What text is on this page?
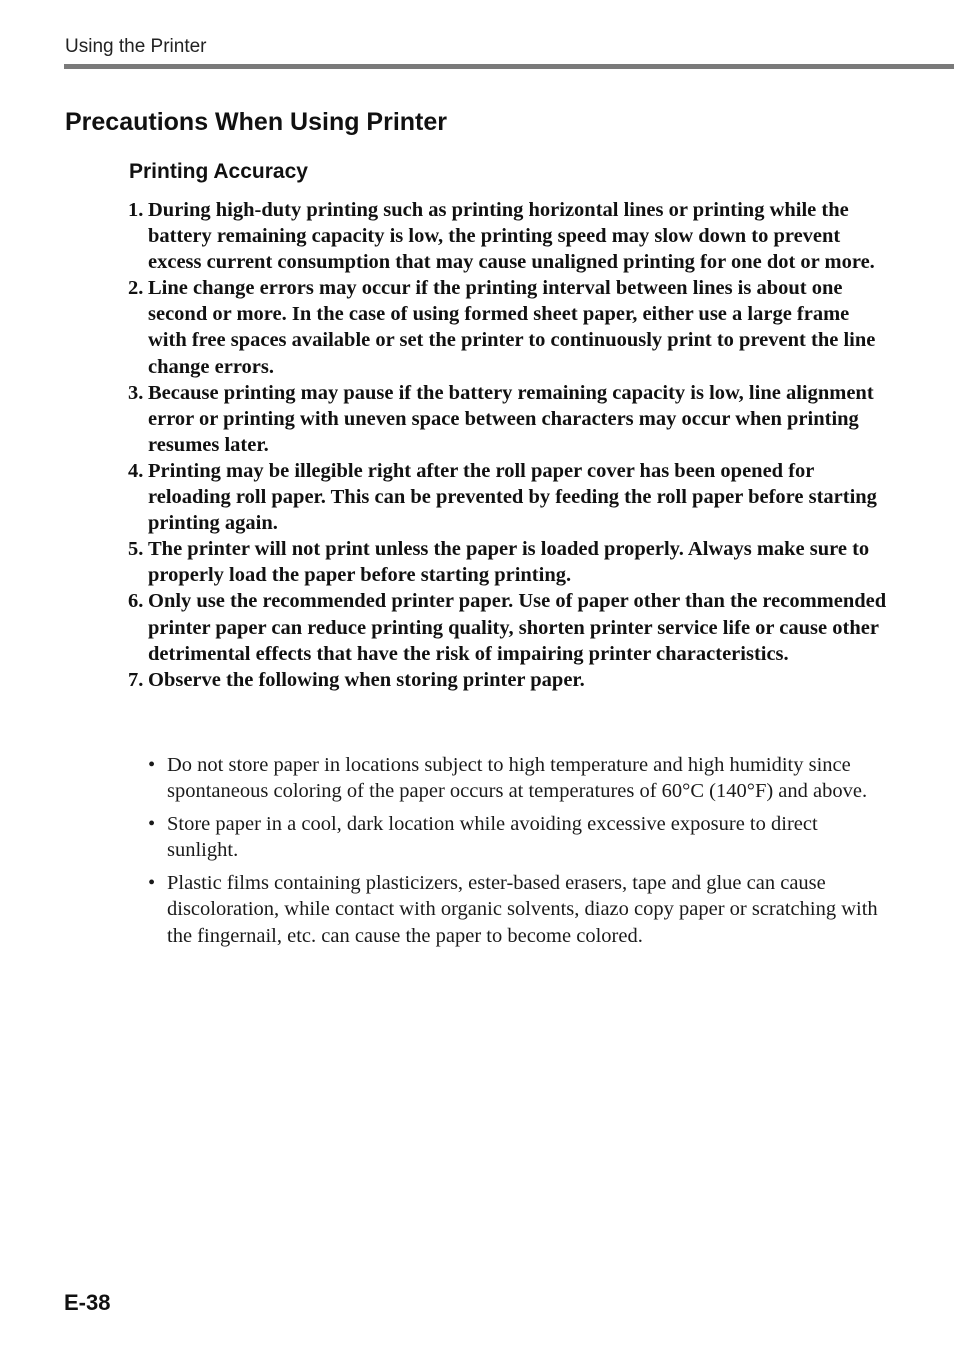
Using the Printer
Precautions When Using Printer
Printing Accuracy
1. During high-duty printing such as printing horizontal lines or printing while the battery remaining capacity is low, the printing speed may slow down to prevent excess current consumption that may cause unaligned printing for one dot or more.
2. Line change errors may occur if the printing interval between lines is about one second or more. In the case of using formed sheet paper, either use a large frame with free spaces available or set the printer to continuously print to prevent the line change errors.
3. Because printing may pause if the battery remaining capacity is low, line alignment error or printing with uneven space between characters may occur when printing resumes later.
4. Printing may be illegible right after the roll paper cover has been opened for reloading roll paper. This can be prevented by feeding the roll paper before starting printing again.
5. The printer will not print unless the paper is loaded properly. Always make sure to properly load the paper before starting printing.
6. Only use the recommended printer paper. Use of paper other than the recommended printer paper can reduce printing quality, shorten printer service life or cause other detrimental effects that have the risk of impairing printer characteristics.
7. Observe the following when storing printer paper.
• Do not store paper in locations subject to high temperature and high humidity since spontaneous coloring of the paper occurs at temperatures of 60°C (140°F) and above.
• Store paper in a cool, dark location while avoiding excessive exposure to direct sunlight.
• Plastic films containing plasticizers, ester-based erasers, tape and glue can cause discoloration, while contact with organic solvents, diazo copy paper or scratching with the fingernail, etc. can cause the paper to become colored.
E-38
